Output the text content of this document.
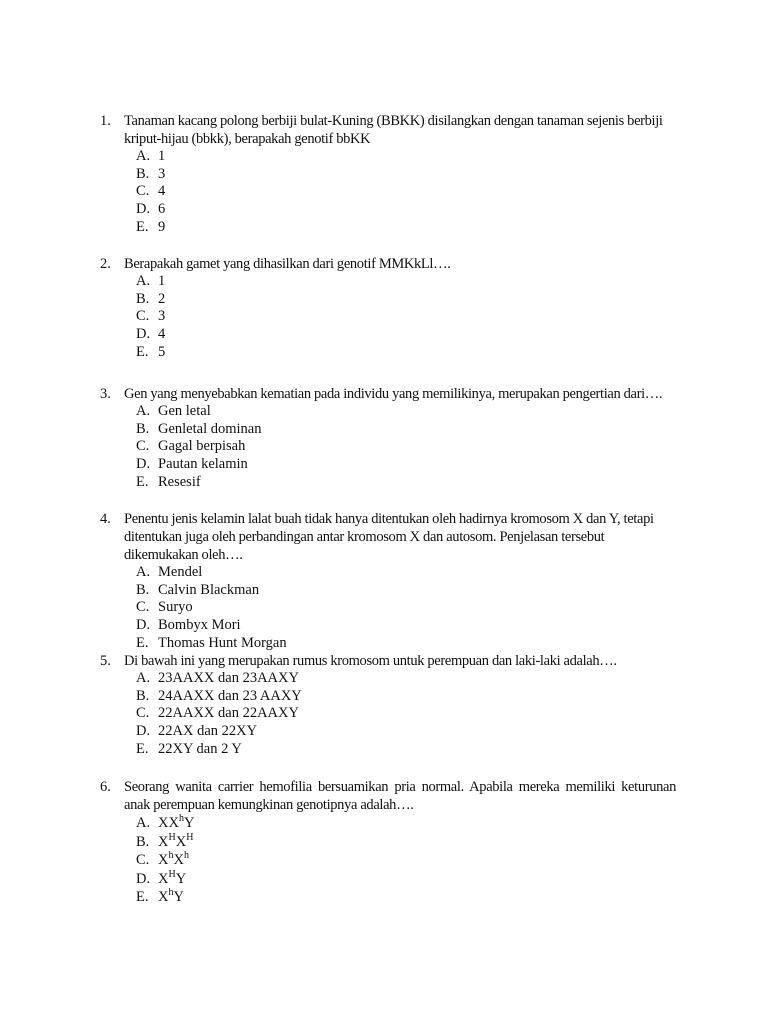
1. Tanaman kacang polong berbiji bulat-Kuning (BBKK) disilangkan dengan tanaman sejenis berbiji kriput-hijau (bbkk), berapakah genotif bbKK
A. 1
B. 3
C. 4
D. 6
E. 9
2. Berapakah gamet yang dihasilkan dari genotif MMKkLl….
A. 1
B. 2
C. 3
D. 4
E. 5
3. Gen yang menyebabkan kematian pada individu yang memilikinya, merupakan pengertian dari….
A. Gen letal
B. Genletal dominan
C. Gagal berpisah
D. Pautan kelamin
E. Resesif
4. Penentu jenis kelamin lalat buah tidak hanya ditentukan oleh hadirnya kromosom X dan Y, tetapi ditentukan juga oleh perbandingan antar kromosom X dan autosom. Penjelasan tersebut dikemukakan oleh….
A. Mendel
B. Calvin Blackman
C. Suryo
D. Bombyx Mori
E. Thomas Hunt Morgan
5. Di bawah ini yang merupakan rumus kromosom untuk perempuan dan laki-laki adalah….
A. 23AAXX dan 23AAXY
B. 24AAXX dan 23 AAXY
C. 22AAXX dan 22AAXY
D. 22AX dan 22XY
E. 22XY dan 2 Y
6. Seorang wanita carrier hemofilia bersuamikan pria normal. Apabila mereka memiliki keturunan anak perempuan kemungkinan genotipnya adalah….
A. $XX^hY$
B. $X^HX^H$
C. $X^hX^h$
D. $X^HY$
E. $X^hY$
